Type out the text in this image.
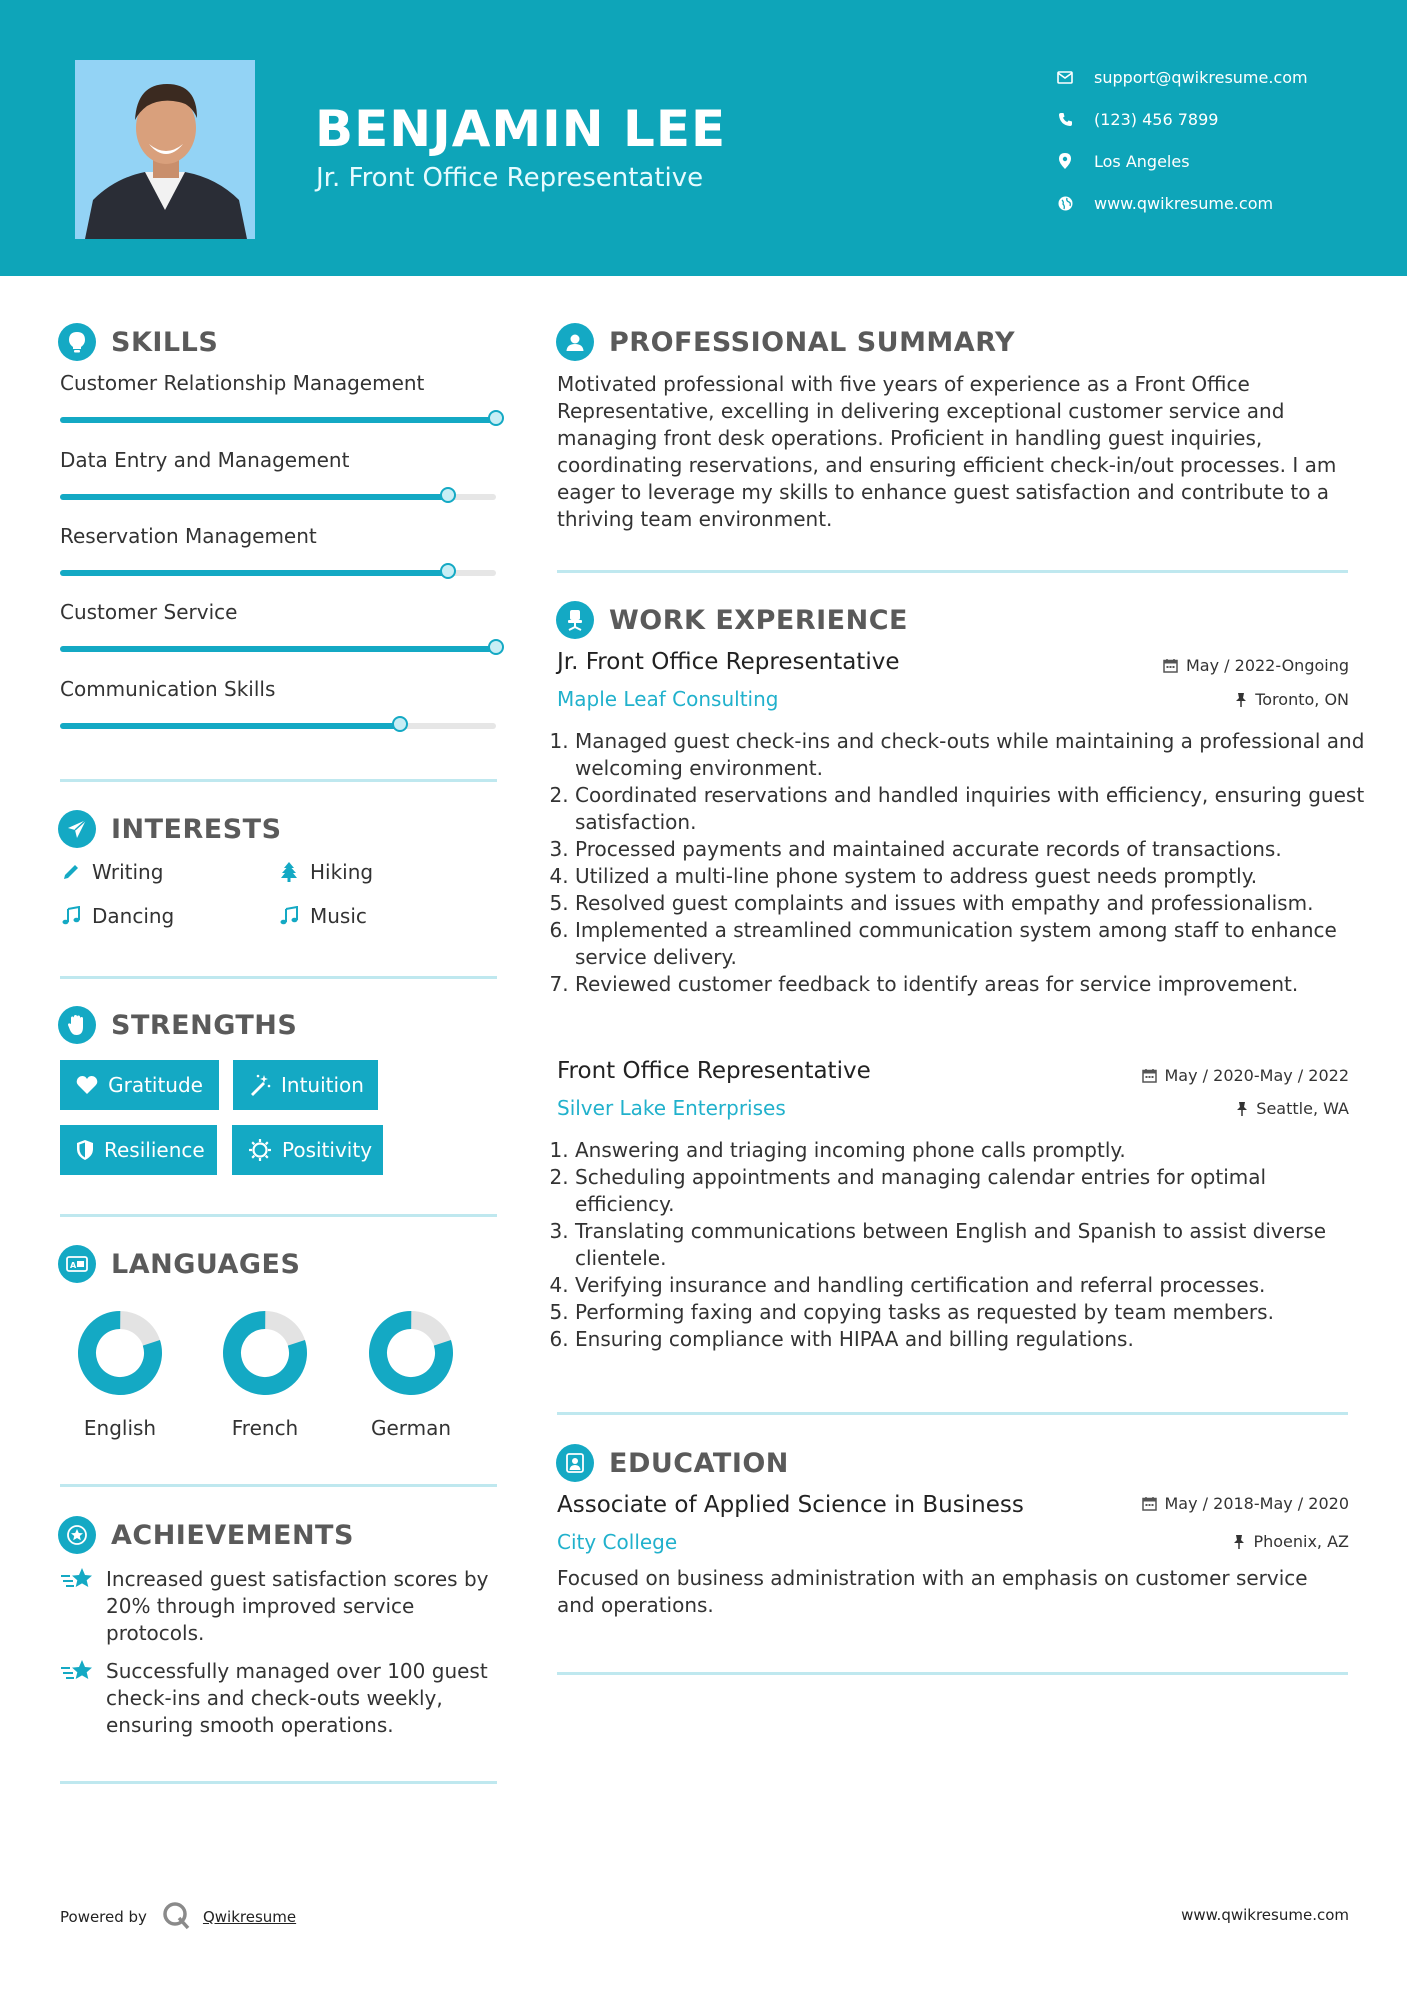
BENJAMIN LEE
Jr. Front Office Representative
support@qwikresume.com
(123) 456 7899
Los Angeles
www.qwikresume.com
SKILLS
Customer Relationship Management
Data Entry and Management
Reservation Management
Customer Service
Communication Skills
INTERESTS
Writing	Hiking
Dancing	Music
STRENGTHS
Gratitude	Intuition
Resilience	Positivity
A LANGUAGES
English	French	German
ACHIEVEMENTS
Increased guest satisfaction scores by 20% through improved service protocols.
Successfully managed over 100 guest check-ins and check-outs weekly, ensuring smooth operations.
PROFESSIONAL SUMMARY
Motivated professional with five years of experience as a Front Office Representative, excelling in delivering exceptional customer service and managing front desk operations. Proficient in handling guest inquiries, coordinating reservations, and ensuring efficient check-in/out processes. I am eager to leverage my skills to enhance guest satisfaction and contribute to a thriving team environment.
WORK EXPERIENCE
Jr. Front Office Representative	May / 2022-Ongoing
Maple Leaf Consulting	Toronto, ON
1. Managed guest check-ins and check-outs while maintaining a professional and welcoming environment.
2. Coordinated reservations and handled inquiries with efficiency, ensuring guest satisfaction.
3. Processed payments and maintained accurate records of transactions.
4. Utilized a multi-line phone system to address guest needs promptly.
5. Resolved guest complaints and issues with empathy and professionalism.
6. Implemented a streamlined communication system among staff to enhance service delivery.
7. Reviewed customer feedback to identify areas for service improvement.
Front Office Representative	May / 2020-May / 2022
Silver Lake Enterprises	Seattle, WA
1. Answering and triaging incoming phone calls promptly.
2. Scheduling appointments and managing calendar entries for optimal efficiency.
3. Translating communications between English and Spanish to assist diverse clientele.
4. Verifying insurance and handling certification and referral processes.
5. Performing faxing and copying tasks as requested by team members.
6. Ensuring compliance with HIPAA and billing regulations.
EDUCATION
Associate of Applied Science in Business	May / 2018-May / 2020
City College	Phoenix, AZ
Focused on business administration with an emphasis on customer service and operations.
Powered by	Qwikresume	www.qwikresume.com
